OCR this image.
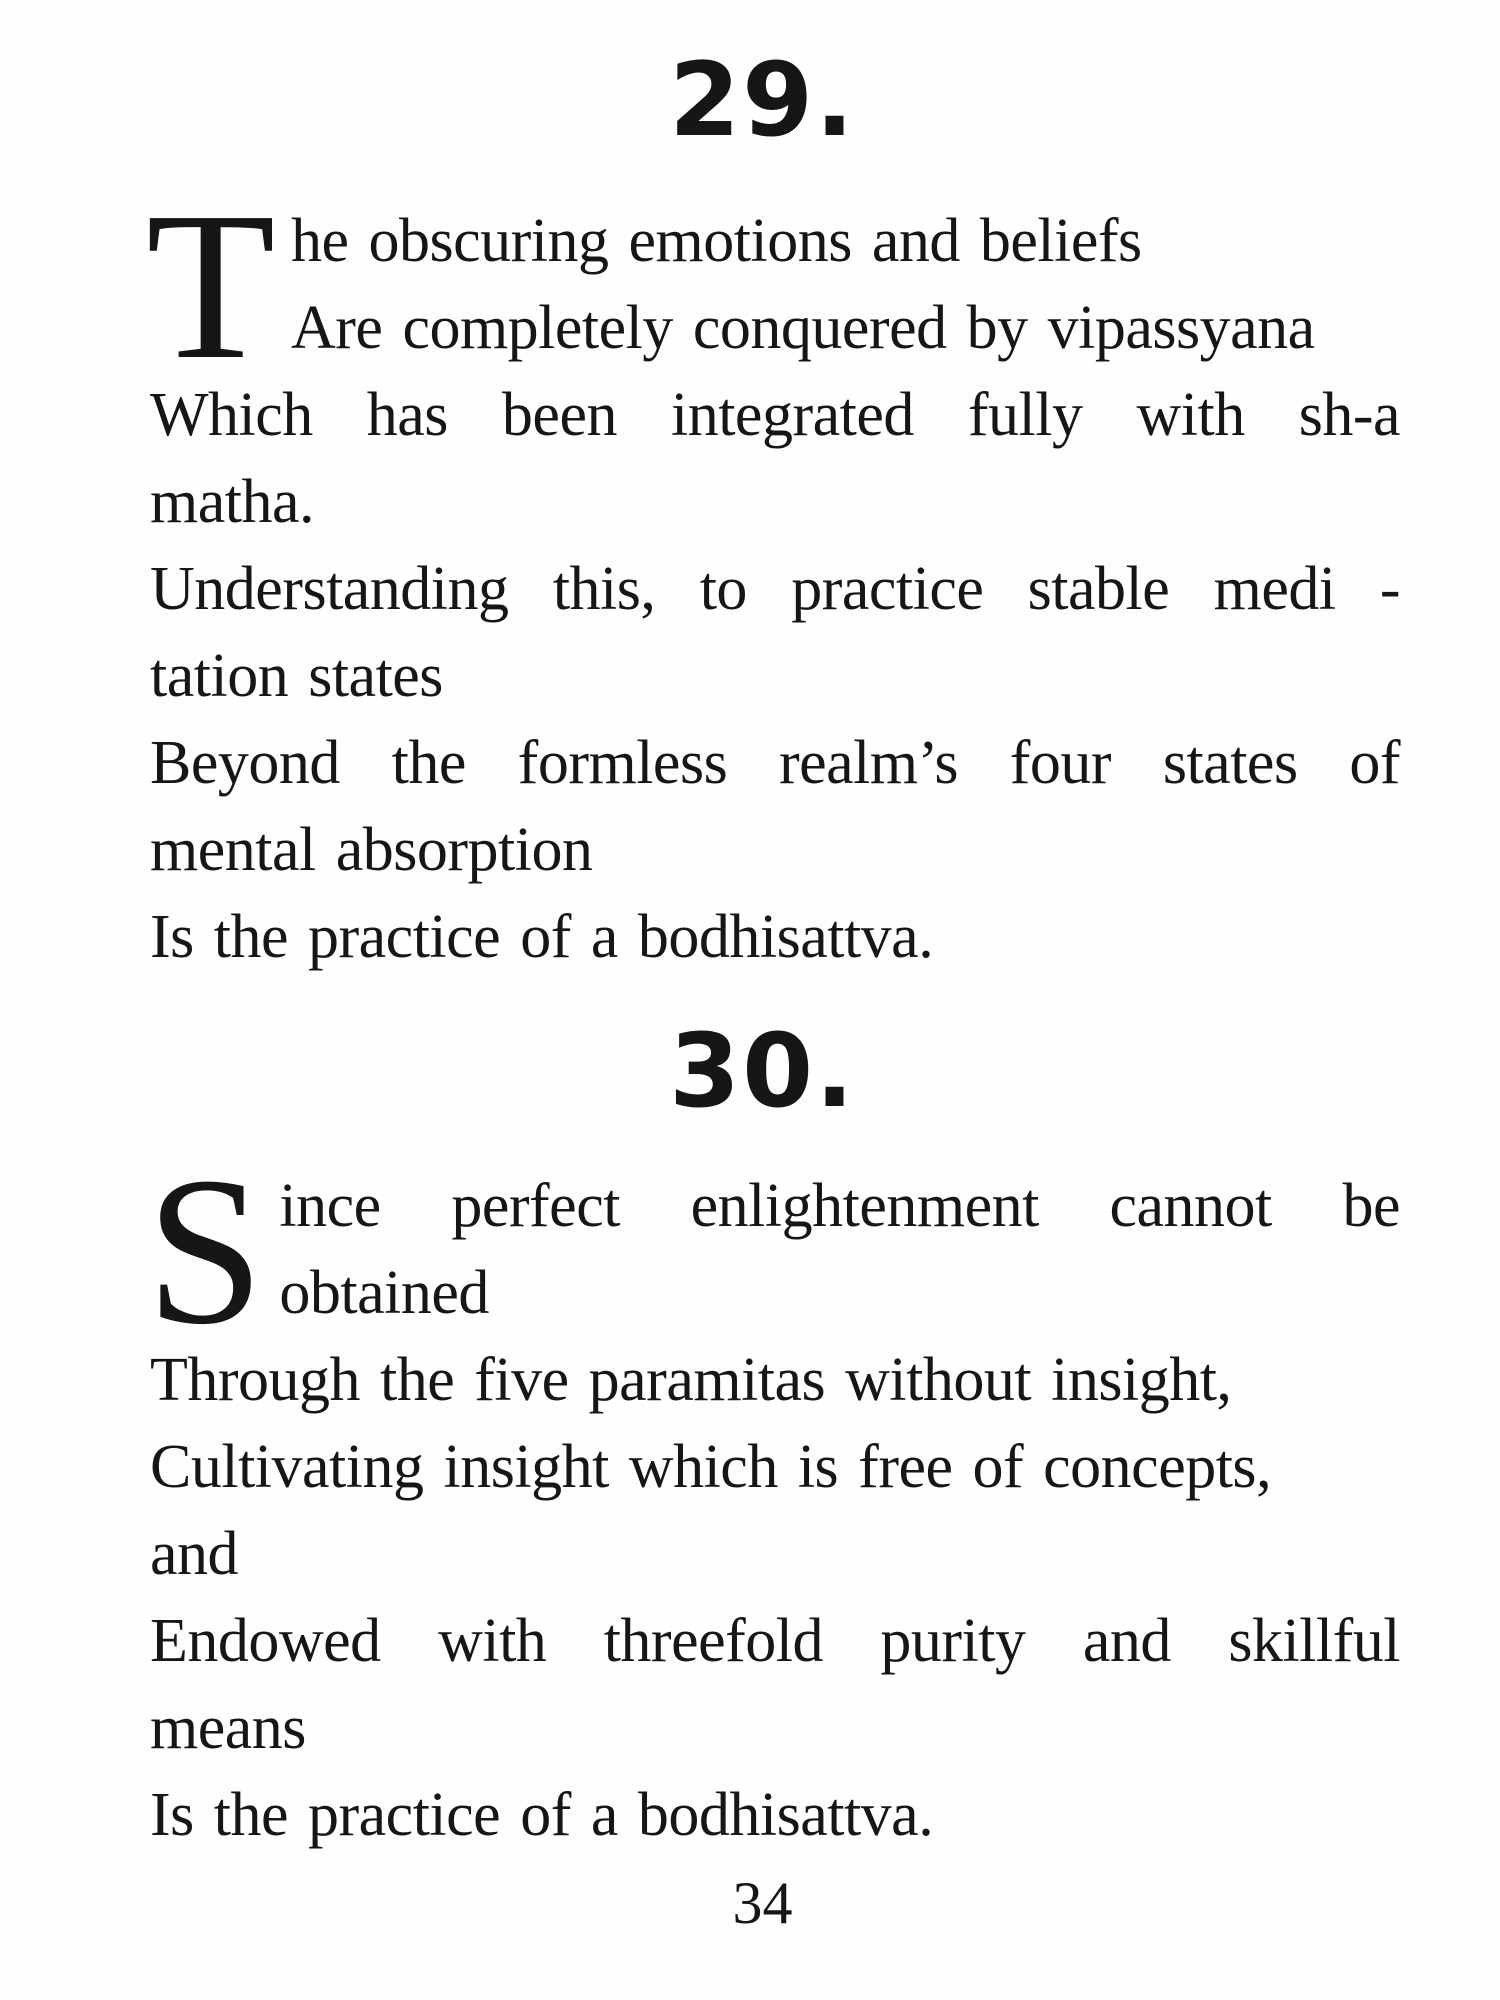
29.
T he obscuring emotions and beliefs
Are completely conquered by vipassyana
Which has been integrated fully with sh-a
matha.
Understanding this, to practice stable medi -
tation states
Beyond the formless realm’s four states of
mental absorption
Is the practice of a bodhisattva.
30.
S ince perfect enlightenment cannot be
obtained
Through the five paramitas without insight,
Cultivating insight which is free of concepts,
and
Endowed with threefold purity and skillful
means
Is the practice of a bodhisattva.
34
